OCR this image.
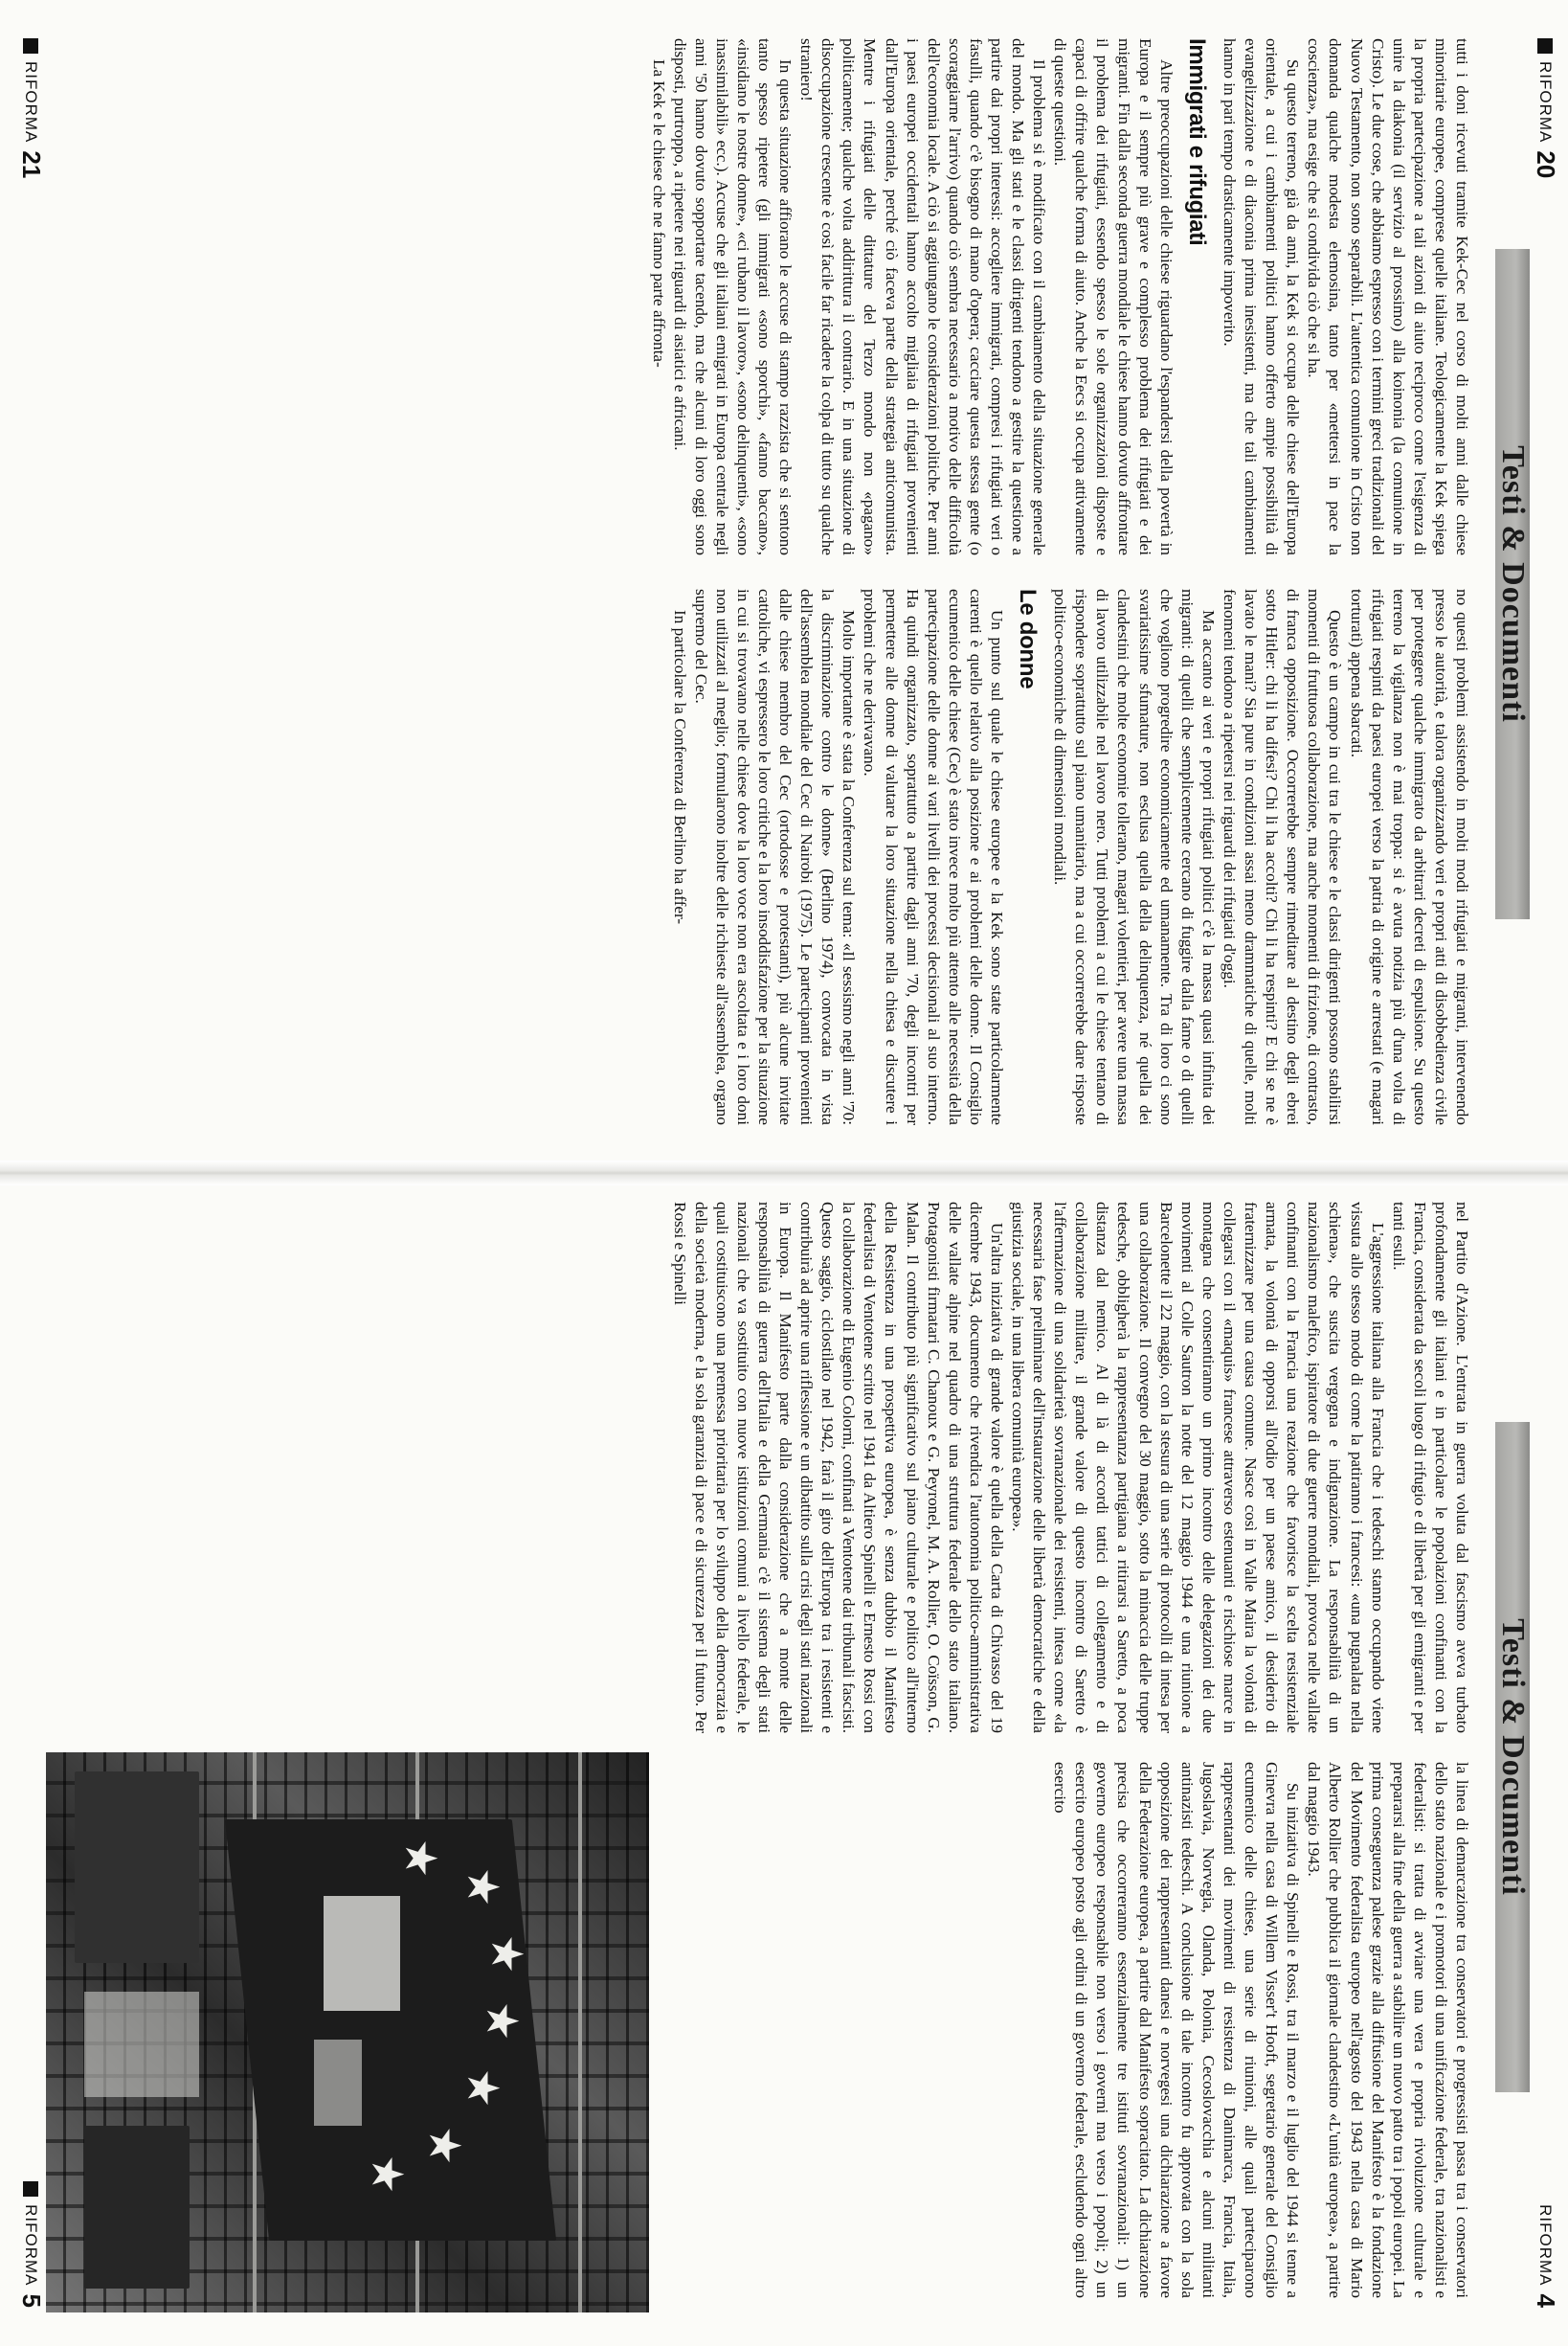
RIFORMA
20
RIFORMA
21
Testi & Documenti

tutti i doni ricevuti tramite Kek-Cec nel corso di molti anni dalle chiese minoritarie europee, comprese quelle italiane. Teologicamente la Kek spiega la propria partecipazione a tali azioni di aiuto reciproco come l'esigenza di unire la diakonia (il servizio al prossimo) alla koinonia (la comunione in Cristo). Le due cose, che abbiamo espresso con i termini greci tradizionali del Nuovo Testamento, non sono separabili. L'autentica comunione in Cristo non domanda qualche modesta elemosina, tanto per «mettersi in pace la coscienza», ma esige che si condivida ciò che si ha.

Su questo terreno, già da anni, la Kek si occupa delle chiese dell'Europa orientale, a cui i cambiamenti politici hanno offerto ampie possibilità di evangelizzazione e di diaconia prima inesistenti, ma che tali cambiamenti hanno in pari tempo drasticamente impoverito.

Immigrati e rifugiati

Altre preoccupazioni delle chiese riguardano l'espandersi della povertà in Europa e il sempre più grave e complesso problema dei rifugiati e dei migranti. Fin dalla seconda guerra mondiale le chiese hanno dovuto affrontare il problema dei rifugiati, essendo spesso le sole organizzazioni disposte e capaci di offrire qualche forma di aiuto. Anche la Eecs si occupa attivamente di queste questioni.

Il problema si è modificato con il cambiamento della situazione generale del mondo. Ma gli stati e le classi dirigenti tendono a gestire la questione a partire dai propri interessi: accogliere immigrati, compresi i rifugiati veri o fasulli, quando c'è bisogno di mano d'opera; cacciare questa stessa gente (o scoraggiarne l'arrivo) quando ciò sembra necessario a motivo delle difficoltà dell'economia locale. A ciò si aggiungano le considerazioni politiche. Per anni i paesi europei occidentali hanno accolto migliaia di rifugiati provenienti dall'Europa orientale, perché ciò faceva parte della strategia anticomunista. Mentre i rifugiati delle dittature del Terzo mondo non «pagano» politicamente; qualche volta addirittura il contrario. E in una situazione di disoccupazione crescente è così facile far ricadere la colpa di tutto su qualche straniero!

In questa situazione affiorano le accuse di stampo razzista che si sentono tanto spesso ripetere (gli immigrati «sono sporchi», «fanno baccano», «insidiano le nostre donne», «ci rubano il lavoro», «sono delinquenti», «sono inassimilabili» ecc.). Accuse che gli italiani emigrati in Europa centrale negli anni '50 hanno dovuto sopportare tacendo, ma che alcuni di loro oggi sono disposti, purtroppo, a ripetere nei riguardi di asiatici e africani.

La Kek e le chiese che ne fanno parte affronta-

no questi problemi assistendo in molti modi rifugiati e migranti, intervenendo presso le autorità, e talora organizzando veri e propri atti di disobbedienza civile per proteggere qualche immigrato da arbitrari decreti di espulsione. Su questo terreno la vigilanza non è mai troppa: si è avuta notizia più d'una volta di rifugiati respinti da paesi europei verso la patria di origine e arrestati (e magari torturati) appena sbarcati.

Questo è un campo in cui tra le chiese e le classi dirigenti possono stabilirsi momenti di fruttuosa collaborazione, ma anche momenti di frizione, di contrasto, di franca opposizione. Occorrerebbe sempre rimeditare al destino degli ebrei sotto Hitler: chi li ha difesi? Chi li ha accolti? Chi li ha respinti? E chi se ne è lavato le mani? Sia pure in condizioni assai meno drammatiche di quelle, molti fenomeni tendono a ripetersi nei riguardi dei rifugiati d'oggi.

Ma accanto ai veri e propri rifugiati politici c'è la massa quasi infinita dei migranti: di quelli che semplicemente cercano di fuggire dalla fame o di quelli che vogliono progredire economicamente ed umanamente. Tra di loro ci sono svariatissime sfumature, non esclusa quella della delinquenza, né quella dei clandestini che molte economie tollerano, magari volentieri, per avere una massa di lavoro utilizzabile nel lavoro nero. Tutti problemi a cui le chiese tentano di rispondere soprattutto sul piano umanitario, ma a cui occorrerebbe dare risposte politico-economiche di dimensioni mondiali.

Le donne

Un punto sul quale le chiese europee e la Kek sono state particolarmente carenti è quello relativo alla posizione e ai problemi delle donne. Il Consiglio ecumenico delle chiese (Cec) è stato invece molto più attento alle necessità della partecipazione delle donne ai vari livelli dei processi decisionali al suo interno. Ha quindi organizzato, soprattutto a partire dagli anni '70, degli incontri per permettere alle donne di valutare la loro situazione nella chiesa e discutere i problemi che ne derivavano.

Molto importante è stata la Conferenza sul tema: «Il sessismo negli anni '70: la discriminazione contro le donne» (Berlino 1974), convocata in vista dell'assemblea mondiale del Cec di Nairobi (1975). Le partecipanti provenienti dalle chiese membro del Cec (ortodosse e protestanti), più alcune invitate cattoliche, vi espressero le loro critiche e la loro insoddisfazione per la situazione in cui si trovavano nelle chiese dove la loro voce non era ascoltata e i loro doni non utilizzati al meglio; formularono inoltre delle richieste all'assemblea, organo supremo del Cec.

In particolare la Conferenza di Berlino ha affer-

RIFORMA
4
RIFORMA
5
Testi & Documenti

nel Partito d'Azione. L'entrata in guerra voluta dal fascismo aveva turbato profondamente gli italiani e in particolare le popolazioni confinanti con la Francia, considerata da secoli luogo di rifugio e di libertà per gli emigranti e per tanti esuli.

L'aggressione italiana alla Francia che i tedeschi stanno occupando viene vissuta allo stesso modo di come la patiranno i francesi: «una pugnalata nella schiena», che suscita vergogna e indignazione. La responsabilità di un nazionalismo malefico, ispiratore di due guerre mondiali, provoca nelle vallate confinanti con la Francia una reazione che favorisce la scelta resistenziale armata, la volontà di opporsi all'odio per un paese amico, il desiderio di fraternizzare per una causa comune. Nasce così in Valle Maira la volontà di collegarsi con il «maquis» francese attraverso estenuanti e rischiose marce in montagna che consentiranno un primo incontro delle delegazioni dei due movimenti al Colle Sautron la notte del 12 maggio 1944 e una riunione a Barcelonette il 22 maggio, con la stesura di una serie di protocolli di intesa per una collaborazione. Il convegno del 30 maggio, sotto la minaccia delle truppe tedesche, obbligherà la rappresentanza partigiana a ritirarsi a Saretto, a poca distanza dal nemico. Al di là di accordi tattici di collegamento e di collaborazione militare, il grande valore di questo incontro di Saretto è l'affermazione di una solidarietà sovranazionale dei resistenti, intesa come «la necessaria fase preliminare dell'instaurazione delle libertà democratiche e della giustizia sociale, in una libera comunità europea».

Un'altra iniziativa di grande valore è quella della Carta di Chivasso del 19 dicembre 1943, documento che rivendica l'autonomia politico-amministrativa delle vallate alpine nel quadro di una struttura federale dello stato italiano. Protagonisti firmatari C. Chanoux e G. Peyronel, M. A. Rollier, O. Coïsson, G. Malan. Il contributo più significativo sul piano culturale e politico all'interno della Resistenza in una prospettiva europea, è senza dubbio il Manifesto federalista di Ventotene scritto nel 1941 da Altiero Spinelli e Ernesto Rossi con la collaborazione di Eugenio Colorni, confinati a Ventotene dai tribunali fascisti. Questo saggio, ciclostilato nel 1942, farà il giro dell'Europa tra i resistenti e contribuirà ad aprire una riflessione e un dibattito sulla crisi degli stati nazionali in Europa. Il Manifesto parte dalla considerazione che a monte delle responsabilità di guerra dell'Italia e della Germania c'è il sistema degli stati nazionali che va sostituito con nuove istituzioni comuni a livello federale, le quali costituiscono una premessa prioritaria per lo sviluppo della democrazia e della società moderna, e la sola garanzia di pace e di sicurezza per il futuro. Per Rossi e Spinelli

la linea di demarcazione tra conservatori e progressisti passa tra i conservatori dello stato nazionale e i promotori di una unificazione federale, tra nazionalisti e federalisti: si tratta di avviare una vera e propria rivoluzione culturale e prepararsi alla fine della guerra a stabilire un nuovo patto tra i popoli europei. La prima conseguenza palese grazie alla diffusione del Manifesto è la fondazione del Movimento federalista europeo nell'agosto del 1943 nella casa di Mario Alberto Rollier che pubblica il giornale clandestino «L'unità europea», a partire dal maggio 1943.

Su iniziativa di Spinelli e Rossi, tra il marzo e il luglio del 1944 si tenne a Ginevra nella casa di Willem Visser't Hooft, segretario generale del Consiglio ecumenico delle chiese, una serie di riunioni, alle quali parteciparono rappresentanti dei movimenti di resistenza di Danimarca, Francia, Italia, Jugoslavia, Norvegia, Olanda, Polonia, Cecoslovacchia e alcuni militanti antinazisti tedeschi. A conclusione di tale incontro fu approvata con la sola opposizione dei rappresentanti danesi e norvegesi una dichiarazione a favore della Federazione europea, a partire dal Manifesto sopracitato. La dichiarazione precisa che occorreranno essenzialmente tre istituti sovranazionali: 1) un governo europeo responsabile non verso i governi ma verso i popoli; 2) un esercito europeo posto agli ordini di un governo federale, escludendo ogni altro esercito

★
★
★
★
★
★
★
